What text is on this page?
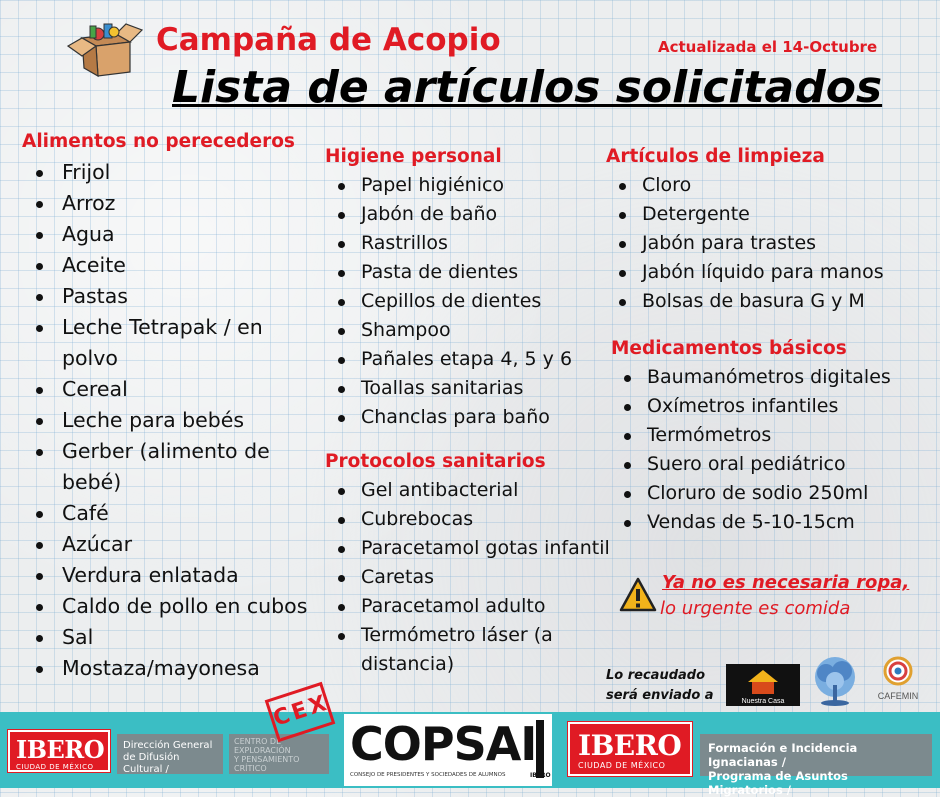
Campaña de Acopio	Actualizada el 14-Octubre
Lista de artículos solicitados
Alimentos no perecederos
Frijol
Arroz
Agua
Aceite
Pastas
Leche Tetrapak / en polvo
Cereal
Leche para bebés
Gerber (alimento de bebé)
Café
Azúcar
Verdura enlatada
Caldo de pollo en cubos
Sal
Mostaza/mayonesa
Higiene personal
Papel higiénico
Jabón de baño
Rastrillos
Pasta de dientes
Cepillos de dientes
Shampoo
Pañales etapa 4, 5 y 6
Toallas sanitarias
Chanclas para baño
Protocolos sanitarios
Gel antibacterial
Cubrebocas
Paracetamol gotas infantil
Caretas
Paracetamol adulto
Termómetro láser (a distancia)
Artículos de limpieza
Cloro
Detergente
Jabón para trastes
Jabón líquido para manos
Bolsas de basura G y M
Medicamentos básicos
Baumanómetros digitales
Oxímetros infantiles
Termómetros
Suero oral pediátrico
Cloruro de sodio 250ml
Vendas de 5-10-15cm
Ya no es necesaria ropa,
lo urgente es comida
Lo recaudado
será enviado a	Nuestra Casa
CAFEMIN
IBERO
CIUDAD DE MÉXICO
Dirección General
de Difusión Cultural /
CENTRO DE
EXPLORACIÓN
Y PENSAMIENTO
CRÍTICO
CEX
COPSAI
CONSEJO DE PRESIDENTES Y SOCIEDADES DE ALUMNOS	IBERO
IBERO
CIUDAD DE MÉXICO
Formación e Incidencia Ignacianas /
Programa de Asuntos Migratorios /
